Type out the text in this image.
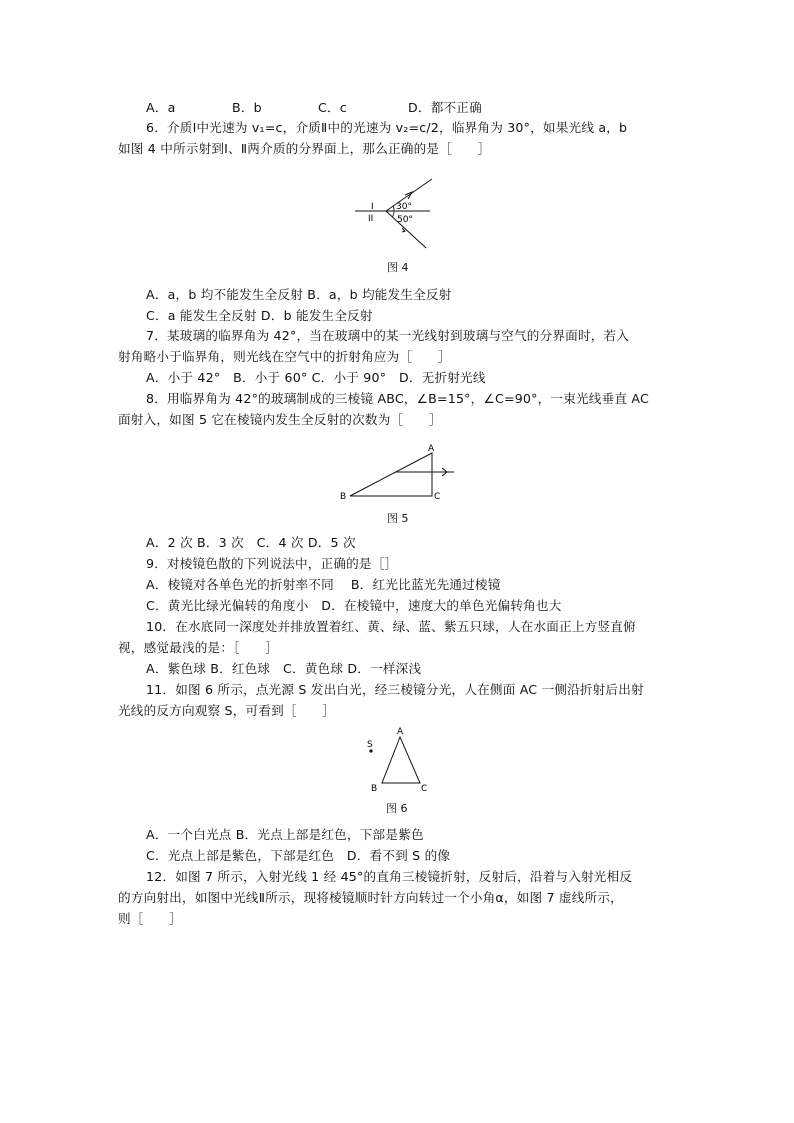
A．a	B．b	C．c	D．都不正确
6．介质Ⅰ中光速为 v₁=c，介质Ⅱ中的光速为 v₂=c/2，临界角为 30°，如果光线 a，b
如图 4 中所示射到Ⅰ、Ⅱ两介质的分界面上，那么正确的是［　　］
I
II
30°
50°
图 4
A．a，b 均不能发生全反射 B．a，b 均能发生全反射
C．a 能发生全反射 D．b 能发生全反射
7．某玻璃的临界角为 42°，当在玻璃中的某一光线射到玻璃与空气的分界面时，若入
射角略小于临界角，则光线在空气中的折射角应为［　　］
A．小于 42°　B．小于 60° C．小于 90°　D．无折射光线
8．用临界角为 42°的玻璃制成的三棱镜 ABC，∠B=15°，∠C=90°，一束光线垂直 AC
面射入，如图 5 它在棱镜内发生全反射的次数为［　　］
A
B	C
图 5
A．2 次 B．3 次　C．4 次 D．5 次
9．对棱镜色散的下列说法中，正确的是［］
A．棱镜对各单色光的折射率不同　 B．红光比蓝光先通过棱镜
C．黄光比绿光偏转的角度小　D．在棱镜中，速度大的单色光偏转角也大
10．在水底同一深度处并排放置着红、黄、绿、蓝、紫五只球，人在水面正上方竖直俯
视，感觉最浅的是：［　　］
A．紫色球 B．红色球　C．黄色球 D．一样深浅
11．如图 6 所示，点光源 S 发出白光，经三棱镜分光，人在侧面 AC 一侧沿折射后出射
光线的反方向观察 S，可看到［　　］
S
A
B	C
图 6
A．一个白光点 B．光点上部是红色，下部是紫色
C．光点上部是紫色，下部是红色　D．看不到 S 的像
12．如图 7 所示，入射光线 1 经 45°的直角三棱镜折射，反射后，沿着与入射光相反
的方向射出，如图中光线Ⅱ所示，现将棱镜顺时针方向转过一个小角α，如图 7 虚线所示，
则［　　］
